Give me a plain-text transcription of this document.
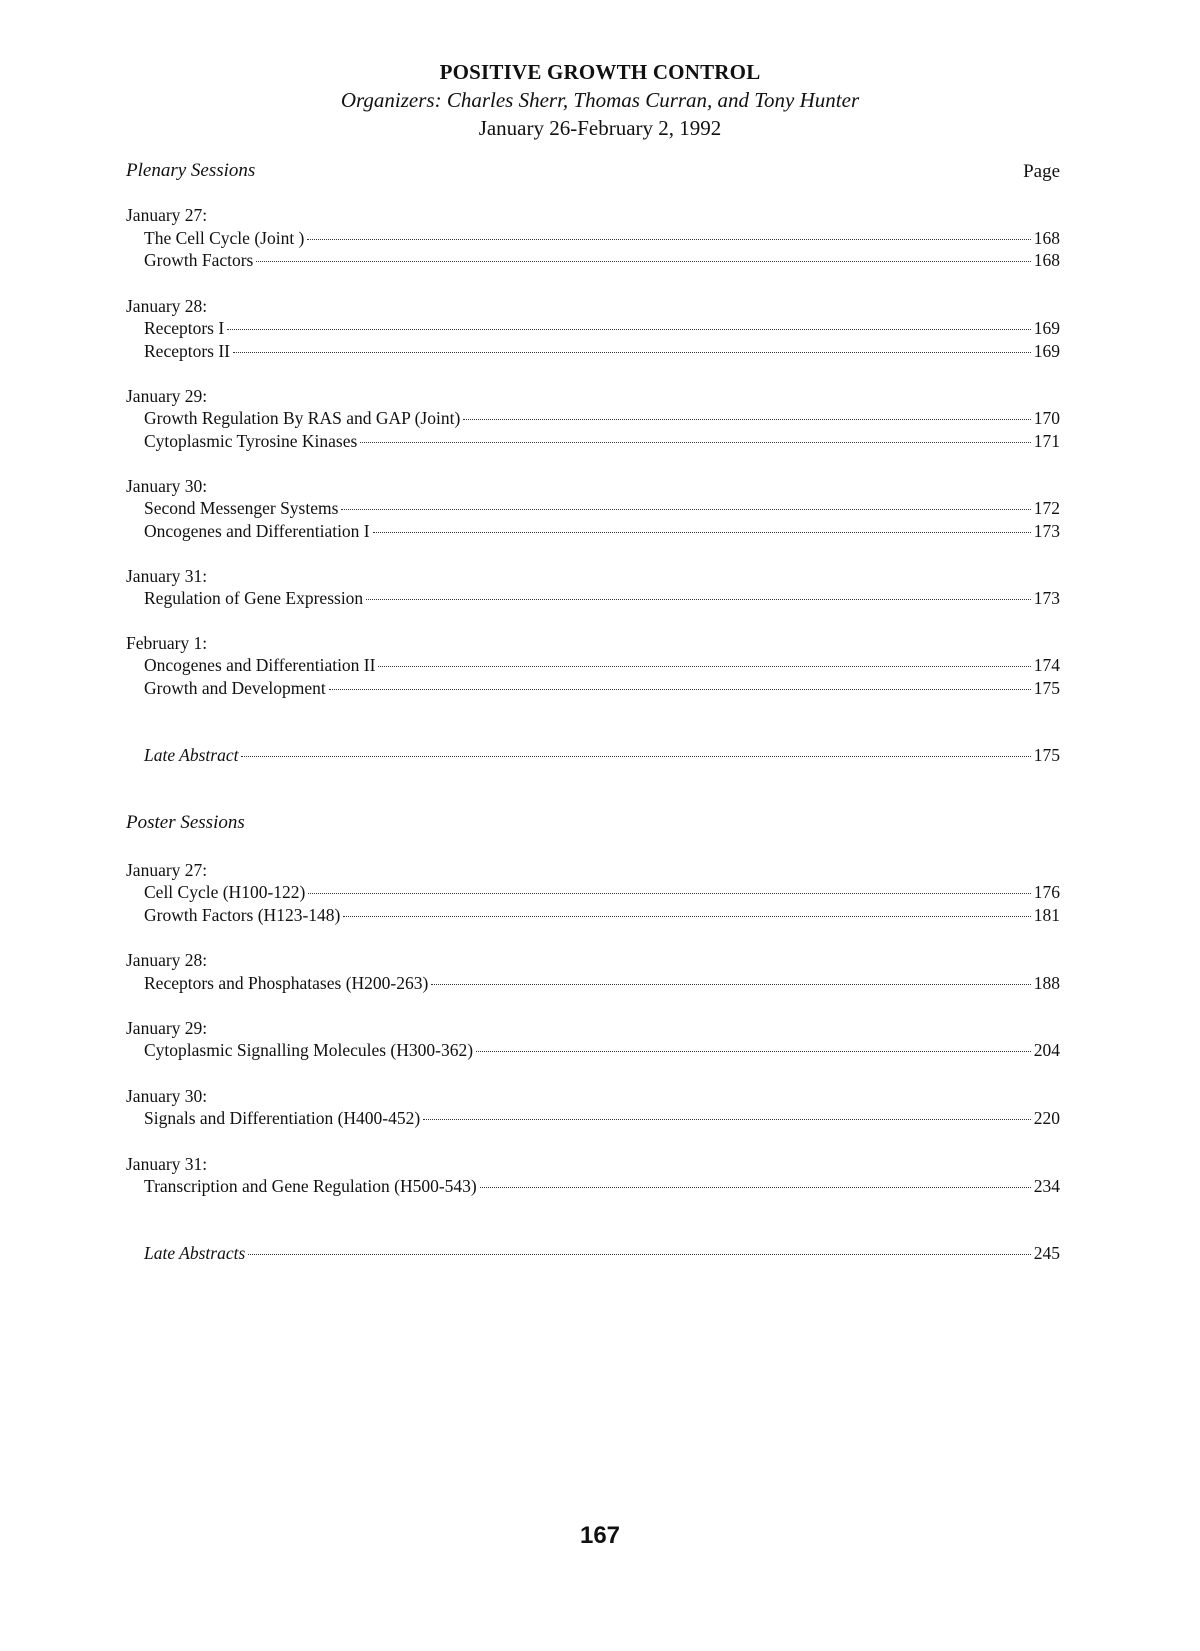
POSITIVE GROWTH CONTROL
Organizers: Charles Sherr, Thomas Curran, and Tony Hunter
January 26-February 2, 1992
Plenary Sessions	Page
January 27:
The Cell Cycle (Joint )	168
Growth Factors	168
January 28:
Receptors I	169
Receptors II	169
January 29:
Growth Regulation By RAS and GAP (Joint)	170
Cytoplasmic Tyrosine Kinases	171
January 30:
Second Messenger Systems	172
Oncogenes and Differentiation I	173
January 31:
Regulation of Gene Expression	173
February 1:
Oncogenes and Differentiation II	174
Growth and Development	175
Late Abstract	175
Poster Sessions
January 27:
Cell Cycle (H100-122)	176
Growth Factors (H123-148)	181
January 28:
Receptors and Phosphatases (H200-263)	188
January 29:
Cytoplasmic Signalling Molecules (H300-362)	204
January 30:
Signals and Differentiation (H400-452)	220
January 31:
Transcription and Gene Regulation (H500-543)	234
Late Abstracts	245
167
